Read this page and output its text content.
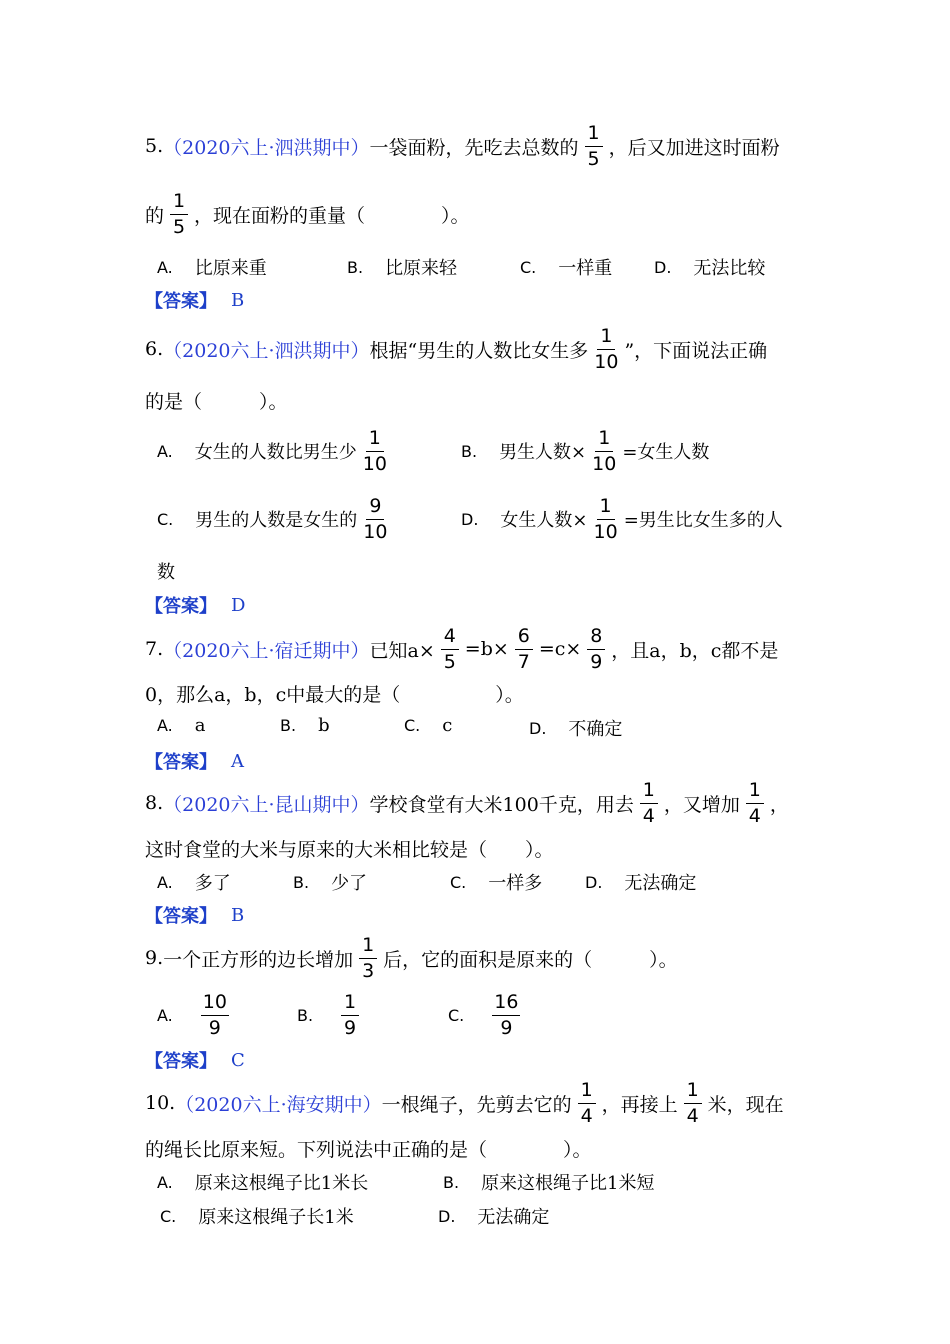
5. （2020六上·泗洪期中） 一袋面粉，先吃去总数的 $\frac{1}{5}$ ，后又加进这时面粉
的 $\frac{1}{5}$ ，现在面粉的重量（　　　　）。
A. 比原来重	B. 比原来轻	C. 一样重	D. 无法比较
【答案】 B
6. （2020六上·泗洪期中） 根据“男生的人数比女生多 $\frac{1}{10}$ ”，下面说法正确
的是（　　　）。
A. 女生的人数比男生少 $\frac{1}{10}$	B. 男生人数× $\frac{1}{10}$ =女生人数
C. 男生的人数是女生的 $\frac{9}{10}$	D. 女生人数× $\frac{1}{10}$ =男生比女生多的人
数
【答案】 D
7. （2020六上·宿迁期中） 已知$a\times \frac{4}{5} =b\times \frac{6}{7} =c\times \frac{8}{9}$ ，且a，b，c都不是
0，那么a，b，c中最大的是（　　　　　）。
A. a	B. b	C. c	D. 不确定
【答案】 A
8. （2020六上·昆山期中） 学校食堂有大米100千克，用去 $\frac{1}{4}$ ，又增加 $\frac{1}{4}$ ，
这时食堂的大米与原来的大米相比较是（　　）。
A. 多了	B. 少了	C. 一样多	D. 无法确定
【答案】 B
9. 一个正方形的边长增加 $\frac{1}{3}$ 后，它的面积是原来的（　　　）。
A. $\frac{10}{9}$	B. $\frac{1}{9}$	C. $\frac{16}{9}$
【答案】 C
10. （2020六上·海安期中） 一根绳子，先剪去它的 $\frac{1}{4}$ ，再接上 $\frac{1}{4}$ 米，现在
的绳长比原来短。下列说法中正确的是（　　　　）。
A. 原来这根绳子比1米长	B. 原来这根绳子比1米短
C. 原来这根绳子长1米	D. 无法确定
